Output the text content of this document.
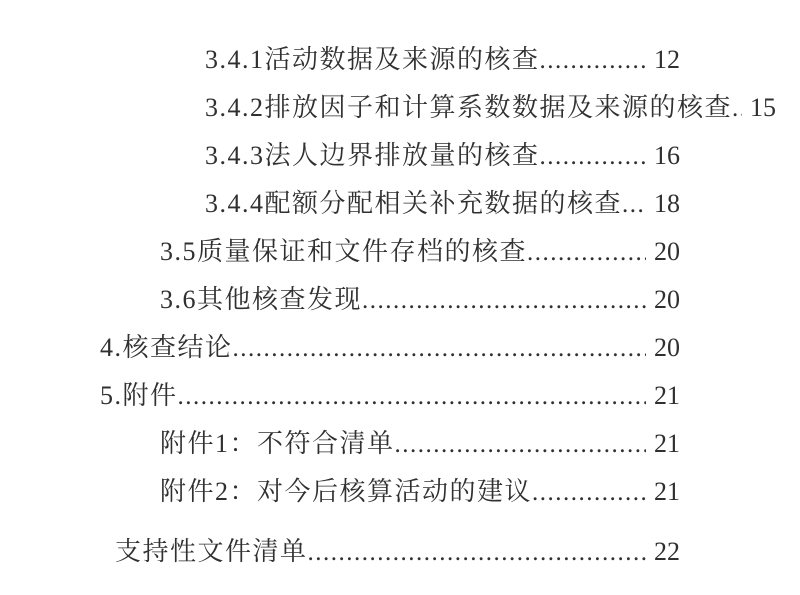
3.4.1活动数据及来源的核查 .....	12
3.4.2排放因子和计算系数数据及来源的核查 ..... 15
3.4.3法人边界排放量的核查 .....	16
3.4.4配额分配相关补充数据的核查 .....	18
3.5质量保证和文件存档的核查 .....	20
3.6其他核查发现 .....	20
4.核查结论 .....	20
5.附件 .....	21
附件1：不符合清单 .....	21
附件2：对今后核算活动的建议 .....	21
支持性文件清单 .....	22
